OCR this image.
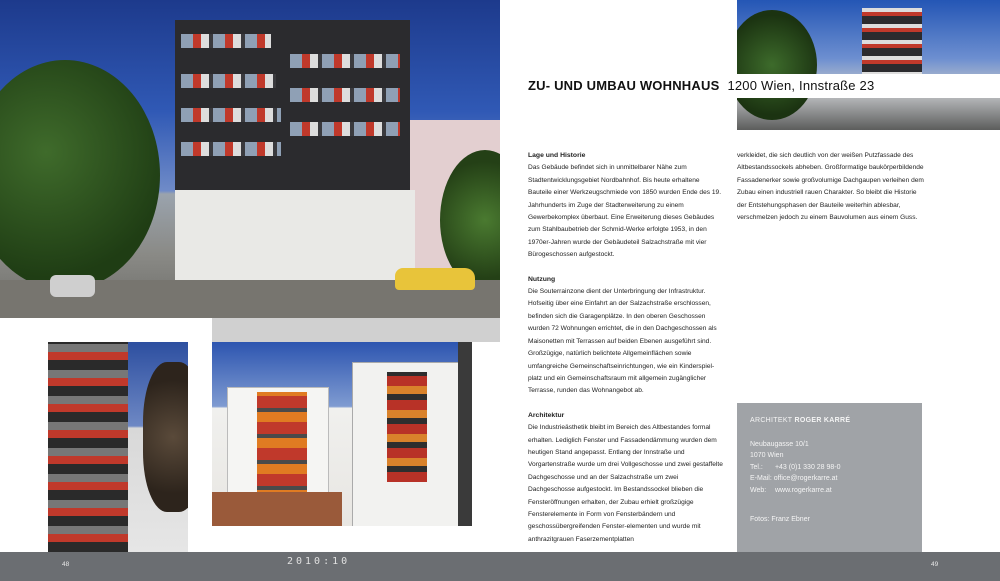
ZU- UND UMBAU WOHNHAUS 1200 Wien, Innstraße 23
Lage und Historie

Das Gebäude befindet sich in unmittelbarer Nähe zum Stadtentwicklungsgebiet Nordbahnhof. Bis heute erhaltene Bauteile einer Werkzeugschmiede von 1850 wurden Ende des 19. Jahrhunderts im Zuge der Stadterweiterung zu einem Gewerbekomplex überbaut. Eine Erweiterung dieses Gebäudes zum Stahlbaubetrieb der Schmid-Werke erfolgte 1953, in den 1970er-Jahren wurde der Gebäudeteil Salzachstraße mit vier Bürogeschossen aufgestockt.

Nutzung

Die Souterrainzone dient der Unterbringung der Infrastruktur. Hofseitig über eine Einfahrt an der Salzachstraße erschlossen, befinden sich die Garagenplätze. In den oberen Geschossen wurden 72 Wohnungen errichtet, die in den Dachgeschossen als Maisonetten mit Terrassen auf beiden Ebenen ausgeführt sind. Großzügige, natürlich belichtete Allgemeinflächen sowie umfangreiche Gemeinschaftseinrichtungen, wie ein Kinderspiel-platz und ein Gemeinschaftsraum mit allgemein zugänglicher Terrasse, runden das Wohnangebot ab.

Architektur

Die Industrieästhetik bleibt im Bereich des Altbestandes formal erhalten. Lediglich Fenster und Fassadendämmung wurden dem heutigen Stand angepasst. Entlang der Innstraße und Vorgartenstraße wurde um drei Vollgeschosse und zwei gestaffelte Dachgeschosse und an der Salzachstraße um zwei Dachgeschosse aufgestockt. Im Bestandssockel blieben die Fensteröffnungen erhalten, der Zubau erhielt großzügige Fensterelemente in Form von Fensterbändern und geschossübergreifenden Fenster-elementen und wurde mit anthrazitgrauen Faserzementplatten

verkleidet, die sich deutlich von der weißen Putzfassade des Altbestandssockels abheben. Großformatige baukörperbildende Fassadenerker sowie großvolumige Dachgaupen verleihen dem Zubau einen industriell rauen Charakter. So bleibt die Historie der Entstehungsphasen der Bauteile weiterhin ablesbar, verschmelzen jedoch zu einem Bauvolumen aus einem Guss.

ARCHITEKT ROGER KARRÉ
Neubaugasse 10/1
1070 Wien
Tel.: +43 (0)1 330 28 98-0
E-Mail: office@rogerkarre.at
Web: www.rogerkarre.at
Fotos: Franz Ebner
48	2010:10	49
